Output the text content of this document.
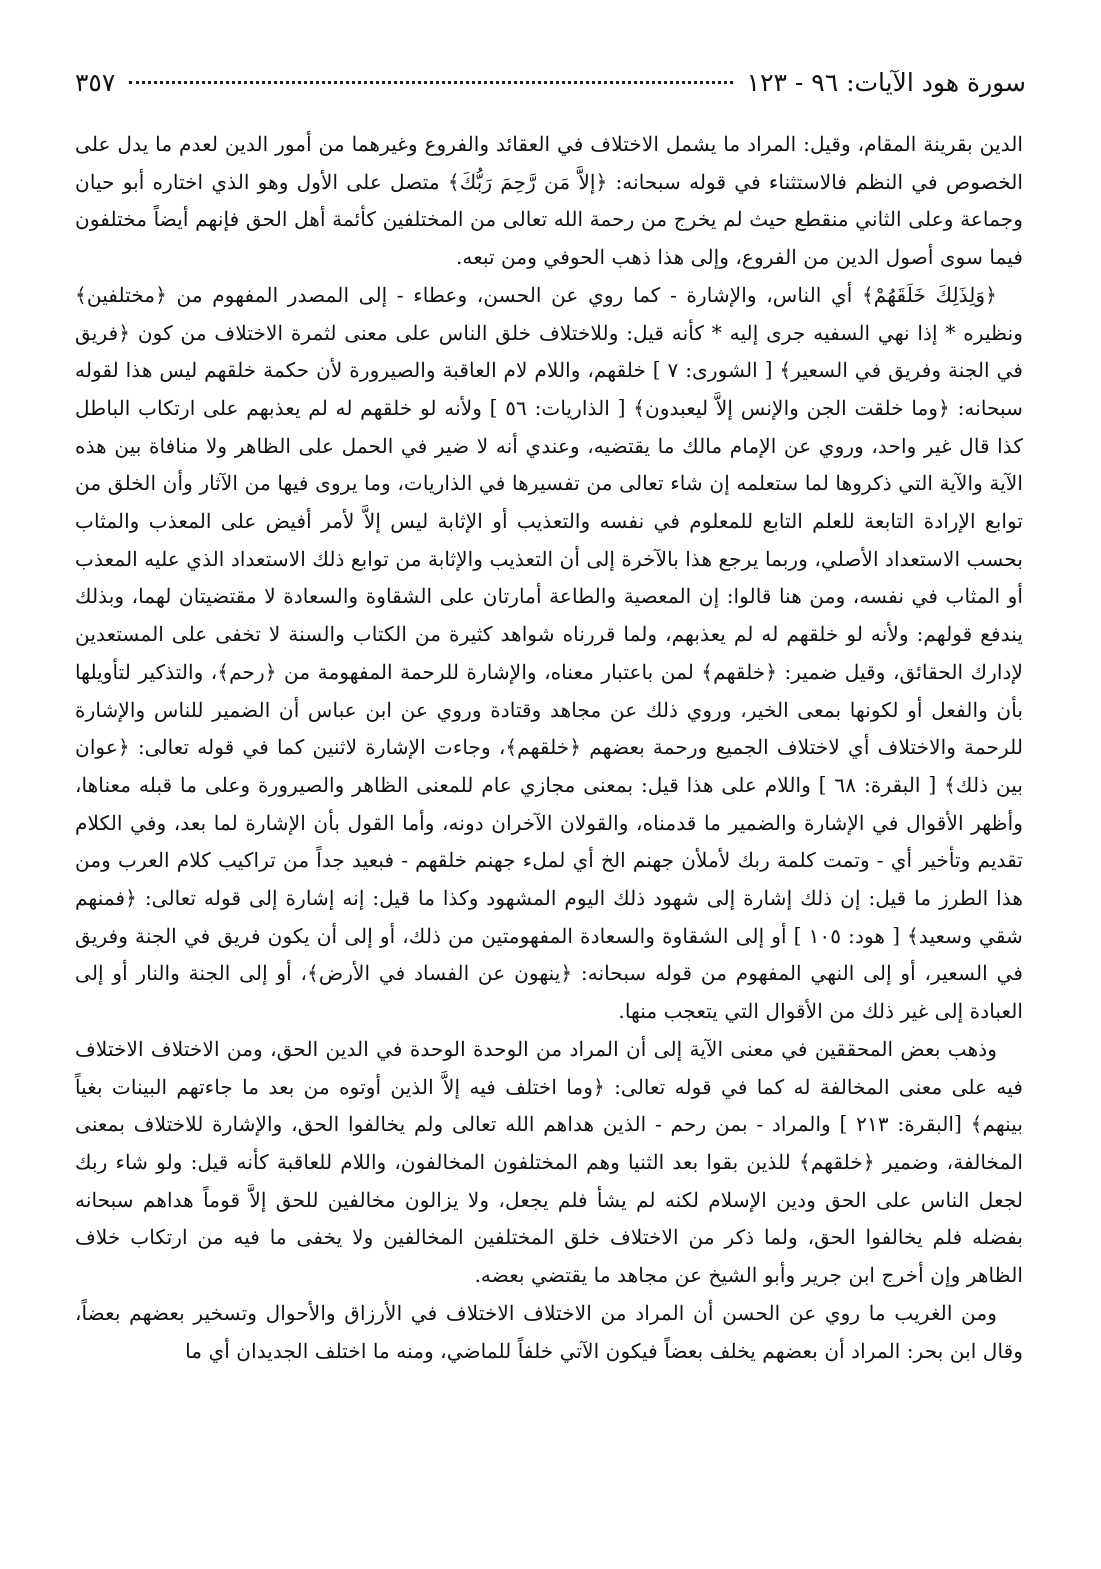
سورة هود الآيات: ٩٦ - ١٢٣
٣٥٧

الدين بقرينة المقام، وقيل: المراد ما يشمل الاختلاف في العقائد والفروع وغيرهما من أمور الدين لعدم ما يدل على الخصوص في النظم فالاستثناء في قوله سبحانه: ﴿إلاَّ مَن رَّحِمَ رَبُّكَ﴾ متصل على الأول وهو الذي اختاره أبو حيان وجماعة وعلى الثاني منقطع حيث لم يخرج من رحمة الله تعالى من المختلفين كأئمة أهل الحق فإنهم أيضاً مختلفون فيما سوى أصول الدين من الفروع، وإلى هذا ذهب الحوفي ومن تبعه.

﴿وَلِذَلِكَ خَلَقَهُمْ﴾ أي الناس، والإشارة - كما روي عن الحسن، وعطاء - إلى المصدر المفهوم من ﴿مختلفين﴾ ونظيره * إذا نهي السفيه جرى إليه * كأنه قيل: وللاختلاف خلق الناس على معنى لثمرة الاختلاف من كون ﴿فريق في الجنة وفريق في السعير﴾ [ الشورى: ٧ ] خلقهم، واللام لام العاقبة والصيرورة لأن حكمة خلقهم ليس هذا لقوله سبحانه: ﴿وما خلقت الجن والإنس إلاَّ ليعبدون﴾ [ الذاريات: ٥٦ ] ولأنه لو خلقهم له لم يعذبهم على ارتكاب الباطل كذا قال غير واحد، وروي عن الإمام مالك ما يقتضيه، وعندي أنه لا ضير في الحمل على الظاهر ولا منافاة بين هذه الآية والآية التي ذكروها لما ستعلمه إن شاء تعالى من تفسيرها في الذاريات، وما يروى فيها من الآثار وأن الخلق من توابع الإرادة التابعة للعلم التابع للمعلوم في نفسه والتعذيب أو الإثابة ليس إلاَّ لأمر أفيض على المعذب والمثاب بحسب الاستعداد الأصلي، وربما يرجع هذا بالآخرة إلى أن التعذيب والإثابة من توابع ذلك الاستعداد الذي عليه المعذب أو المثاب في نفسه، ومن هنا قالوا: إن المعصية والطاعة أمارتان على الشقاوة والسعادة لا مقتضيتان لهما، وبذلك يندفع قولهم: ولأنه لو خلقهم له لم يعذبهم، ولما قررناه شواهد كثيرة من الكتاب والسنة لا تخفى على المستعدين لإدارك الحقائق، وقيل ضمير: ﴿خلقهم﴾ لمن باعتبار معناه، والإشارة للرحمة المفهومة من ﴿رحم﴾، والتذكير لتأويلها بأن والفعل أو لكونها بمعى الخير، وروي ذلك عن مجاهد وقتادة وروي عن ابن عباس أن الضمير للناس والإشارة للرحمة والاختلاف أي لاختلاف الجميع ورحمة بعضهم ﴿خلقهم﴾، وجاءت الإشارة لاثنين كما في قوله تعالى: ﴿عوان بين ذلك﴾ [ البقرة: ٦٨ ] واللام على هذا قيل: بمعنى مجازي عام للمعنى الظاهر والصيرورة وعلى ما قبله معناها، وأظهر الأقوال في الإشارة والضمير ما قدمناه، والقولان الآخران دونه، وأما القول بأن الإشارة لما بعد، وفي الكلام تقديم وتأخير أي - وتمت كلمة ربك لأملأن جهنم الخ أي لملء جهنم خلقهم - فبعيد جداً من تراكيب كلام العرب ومن هذا الطرز ما قيل: إن ذلك إشارة إلى شهود ذلك اليوم المشهود وكذا ما قيل: إنه إشارة إلى قوله تعالى: ﴿فمنهم شقي وسعيد﴾ [ هود: ١٠٥ ] أو إلى الشقاوة والسعادة المفهومتين من ذلك، أو إلى أن يكون فريق في الجنة وفريق في السعير، أو إلى النهي المفهوم من قوله سبحانه: ﴿ينهون عن الفساد في الأرض﴾، أو إلى الجنة والنار أو إلى العبادة إلى غير ذلك من الأقوال التي يتعجب منها.

وذهب بعض المحققين في معنى الآية إلى أن المراد من الوحدة الوحدة في الدين الحق، ومن الاختلاف الاختلاف فيه على معنى المخالفة له كما في قوله تعالى: ﴿وما اختلف فيه إلاَّ الذين أوتوه من بعد ما جاءتهم البينات بغياً بينهم﴾ [البقرة: ٢١٣ ] والمراد - بمن رحم - الذين هداهم الله تعالى ولم يخالفوا الحق، والإشارة للاختلاف بمعنى المخالفة، وضمير ﴿خلقهم﴾ للذين بقوا بعد الثنيا وهم المختلفون المخالفون، واللام للعاقبة كأنه قيل: ولو شاء ربك لجعل الناس على الحق ودين الإسلام لكنه لم يشأ فلم يجعل، ولا يزالون مخالفين للحق إلاَّ قوماً هداهم سبحانه بفضله فلم يخالفوا الحق، ولما ذكر من الاختلاف خلق المختلفين المخالفين ولا يخفى ما فيه من ارتكاب خلاف الظاهر وإن أخرج ابن جرير وأبو الشيخ عن مجاهد ما يقتضي بعضه.

ومن الغريب ما روي عن الحسن أن المراد من الاختلاف الاختلاف في الأرزاق والأحوال وتسخير بعضهم بعضاً، وقال ابن بحر: المراد أن بعضهم يخلف بعضاً فيكون الآتي خلفاً للماضي، ومنه ما اختلف الجديدان أي ما
